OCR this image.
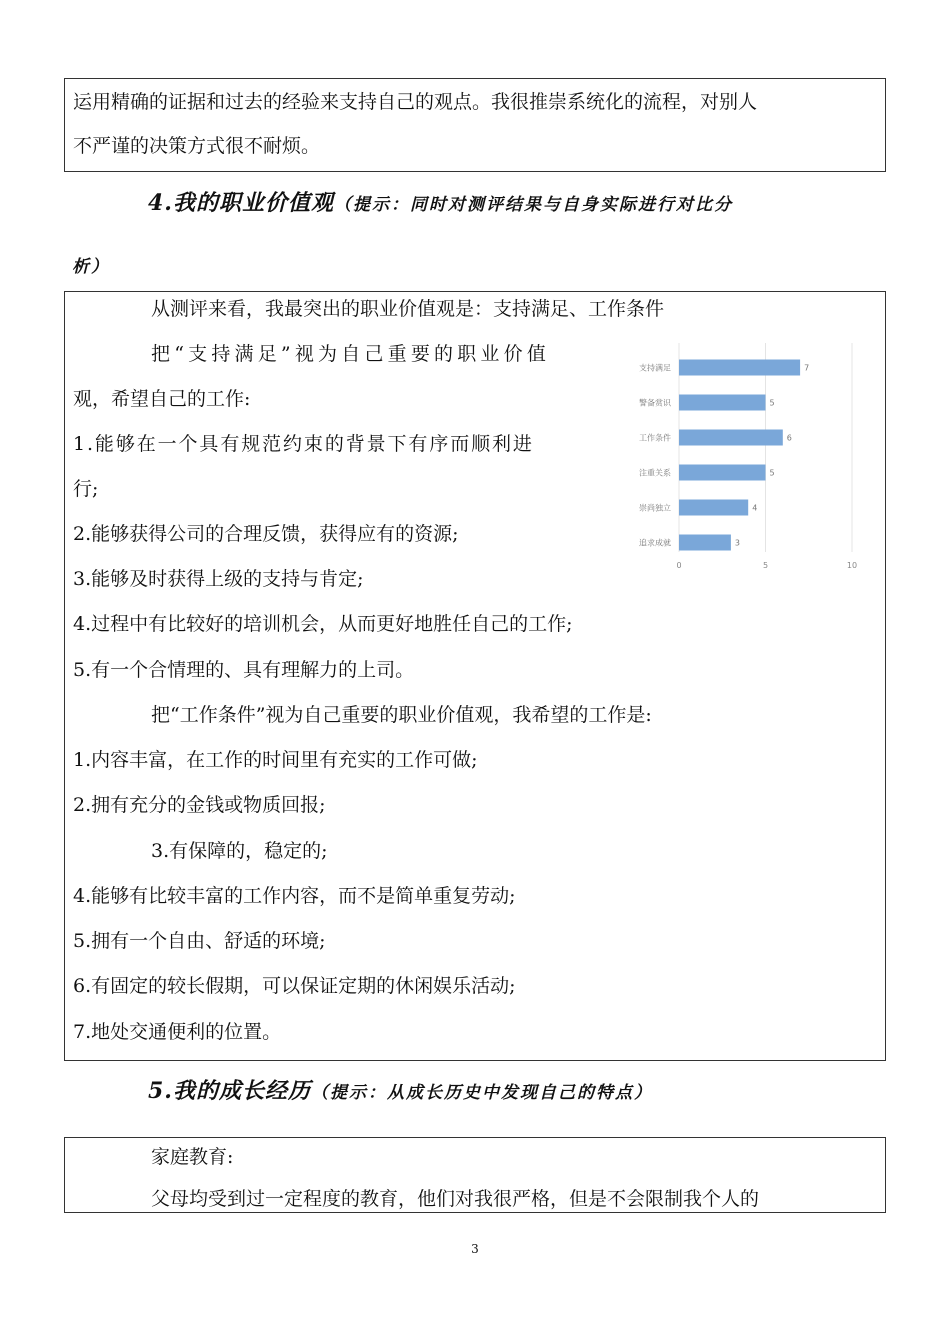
运用精确的证据和过去的经验来支持自己的观点。我很推崇系统化的流程，对别人
不严谨的决策方式很不耐烦。
4.我的职业价值观（提示：同时对测评结果与自身实际进行对比分
析）
从测评来看，我最突出的职业价值观是：支持满足、工作条件
把“支持满足”视为自己重要的职业价值
观，希望自己的工作:
1.能够在一个具有规范约束的背景下有序而顺利进
行;
2.能够获得公司的合理反馈，获得应有的资源;
3.能够及时获得上级的支持与肯定;
4.过程中有比较好的培训机会，从而更好地胜任自己的工作;
5.有一个合情理的、具有理解力的上司。
把“工作条件”视为自己重要的职业价值观，我希望的工作是:
1.内容丰富，在工作的时间里有充实的工作可做;
2.拥有充分的金钱或物质回报;
3.有保障的，稳定的;
4.能够有比较丰富的工作内容，而不是简单重复劳动;
5.拥有一个自由、舒适的环境;
6.有固定的较长假期，可以保证定期的休闲娱乐活动;
7.地处交通便利的位置。
0	5	10
支持满足	7
警备赏识	5
工作条件	6
注重关系	5
崇尚独立	4
追求成就	3
5.我的成长经历（提示：从成长历史中发现自己的特点）
家庭教育:
父母均受到过一定程度的教育，他们对我很严格，但是不会限制我个人的
3
